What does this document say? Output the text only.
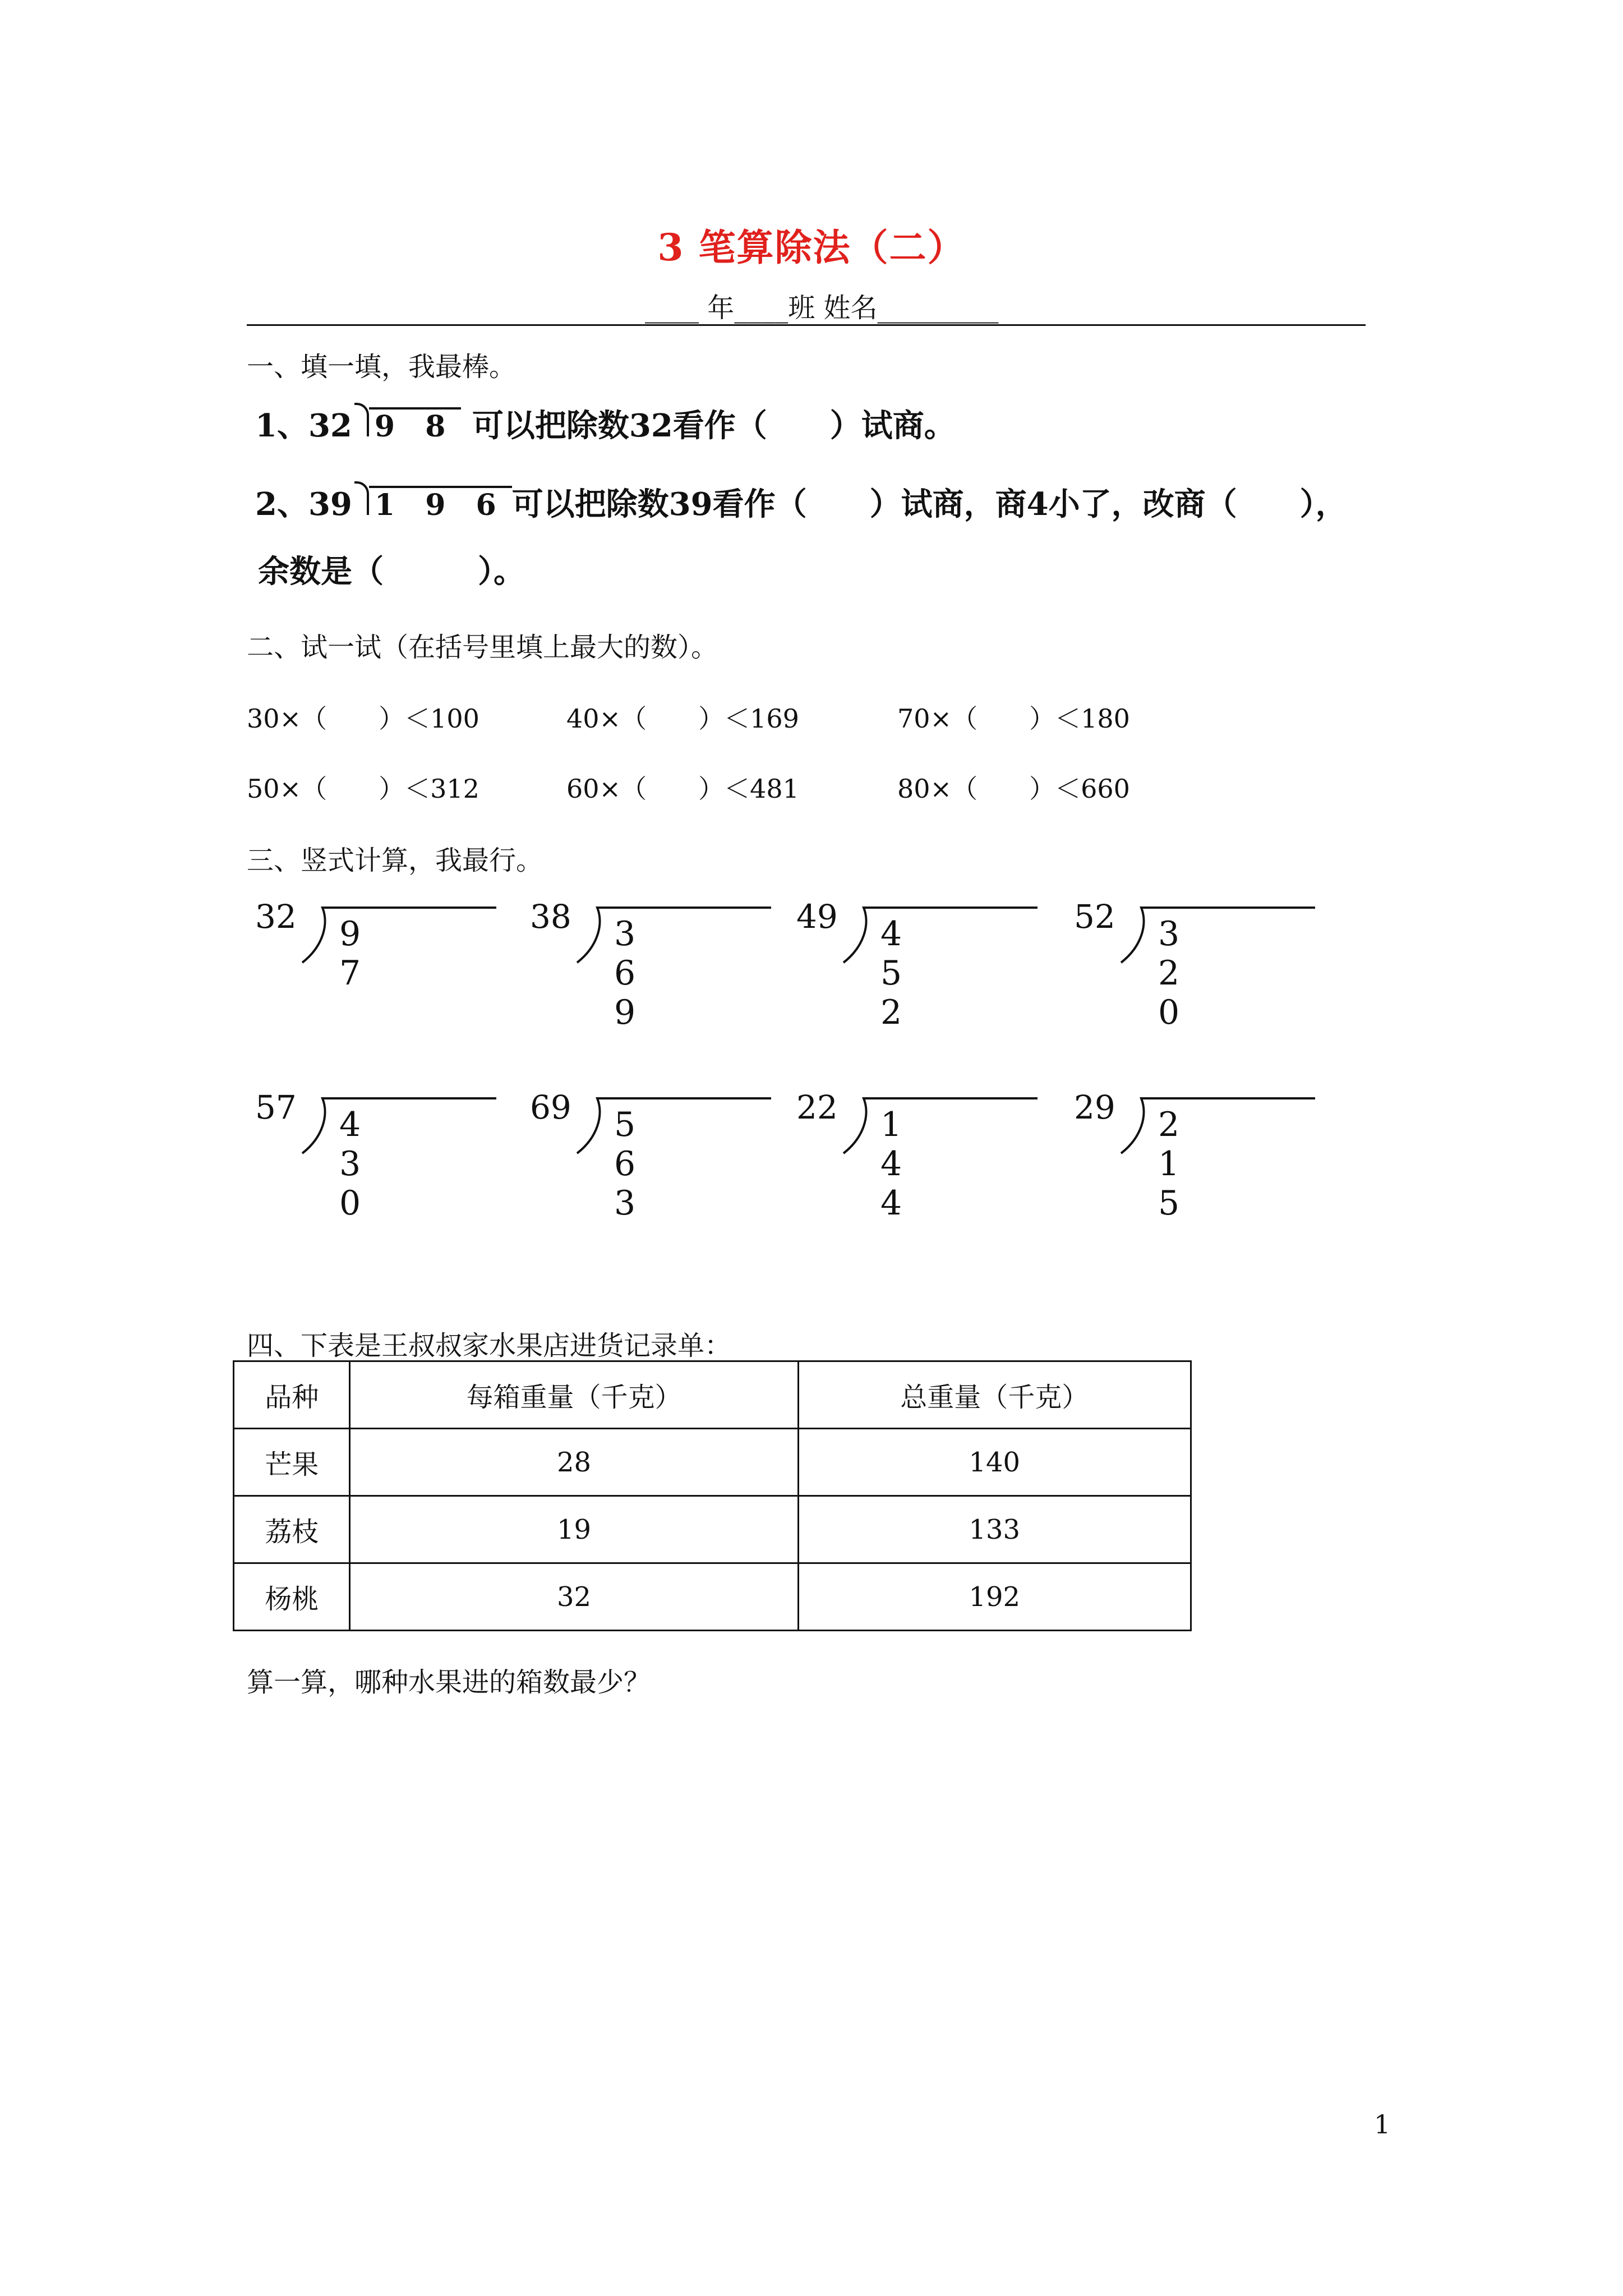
3 笔算除法（二）
____ 年____班 姓名_________
一、填一填，我最棒。
1、32 9 8 可以把除数32看作（　　）试商。
2、39 1 9 6 可以把除数39看作（　　）试商，商4小了，改商（　　），
余数是（　　　）。
二、试一试（在括号里填上最大的数）。
30×（　　）＜100	40×（　　）＜169	70×（　　）＜180
50×（　　）＜312	60×（　　）＜481	80×（　　）＜660
三、竖式计算，我最行。
32 9 7
38 3 6 9
49 4 5 2
52 3 2 0
57 4 3 0
69 5 6 3
22 1 4 4
29 2 1 5
四、下表是王叔叔家水果店进货记录单：
品种	每箱重量（千克）	总重量（千克）
芒果	28	140
荔枝	19	133
杨桃	32	192
算一算，哪种水果进的箱数最少？
1
